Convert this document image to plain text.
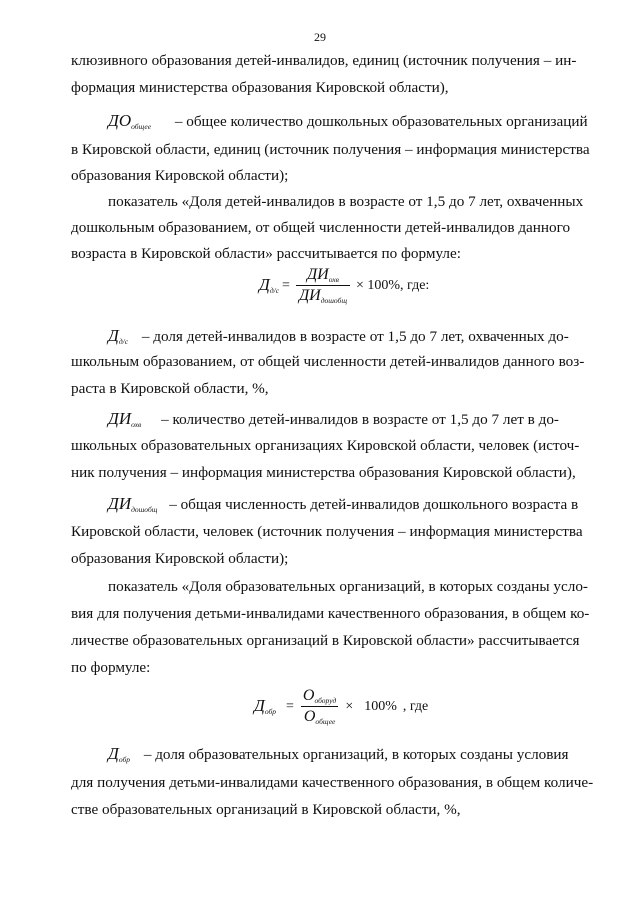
29
клюзивного образования детей-инвалидов, единиц (источник получения – ин-
формация министерства образования Кировской области),
$ДО_{общее}$ – общее количество дошкольных образовательных организаций
в Кировской области, единиц (источник получения – информация министерства
образования Кировской области);
показатель «Доля детей-инвалидов в возрасте от 1,5 до 7 лет, охваченных
дошкольным образованием, от общей численности детей-инвалидов данного
возраста в Кировской области» рассчитывается по формуле:
$Д_{д/с} = \frac{ДИ_{охв}}{ДИ_{дошобщ}} \times 100\%$, где:
$Д_{д/с}$ – доля детей-инвалидов в возрасте от 1,5 до 7 лет, охваченных до-
школьным образованием, от общей численности детей-инвалидов данного воз-
раста в Кировской области, %,
$ДИ_{охв}$ – количество детей-инвалидов в возрасте от 1,5 до 7 лет в до-
школьных образовательных организациях Кировской области, человек (источ-
ник получения – информация министерства образования Кировской области),
$ДИ_{дошобщ}$ – общая численность детей-инвалидов дошкольного возраста в
Кировской области, человек (источник получения – информация министерства
образования Кировской области);
показатель «Доля образовательных организаций, в которых созданы усло-
вия для получения детьми-инвалидами качественного образования, в общем ко-
личестве образовательных организаций в Кировской области» рассчитывается
по формуле:
$Д_{обр} = \frac{О_{оборуд}}{О_{общее}} \times 100\%$ , где
$Д_{обр}$ – доля образовательных организаций, в которых созданы условия
для получения детьми-инвалидами качественного образования, в общем количе-
стве образовательных организаций в Кировской области, %,
